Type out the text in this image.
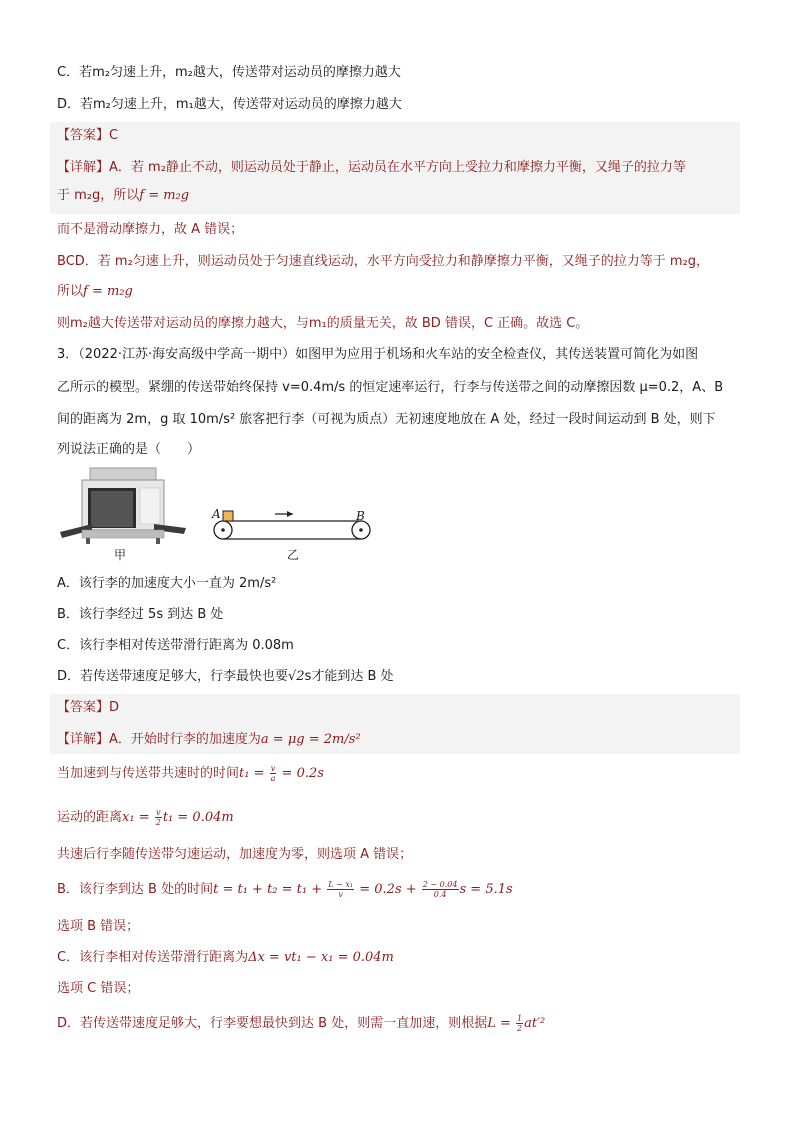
C．若m₂匀速上升，m₂越大，传送带对运动员的摩擦力越大
D．若m₂匀速上升，m₁越大，传送带对运动员的摩擦力越大
【答案】C
【详解】A．若 m₂静止不动，则运动员处于静止，运动员在水平方向上受拉力和摩擦力平衡，又绳子的拉力等
于 m₂g，所以f = m₂g
而不是滑动摩擦力，故 A 错误；
BCD．若 m₂匀速上升，则运动员处于匀速直线运动，水平方向受拉力和静摩擦力平衡，又绳子的拉力等于 m₂g，
所以f = m₂g
则m₂越大传送带对运动员的摩擦力越大，与m₁的质量无关，故 BD 错误，C 正确。故选 C。
3．（2022·江苏·海安高级中学高一期中）如图甲为应用于机场和火车站的安全检查仪，其传送装置可简化为如图
乙所示的模型。紧绷的传送带始终保持 v=0.4m/s 的恒定速率运行，行李与传送带之间的动摩擦因数 μ=0.2，A、B
间的距离为 2m，g 取 10m/s² 旅客把行李（可视为质点）无初速度地放在 A 处，经过一段时间运动到 B 处，则下
列说法正确的是（　　）
甲
A	B
乙
A．该行李的加速度大小一直为 2m/s²
B．该行李经过 5s 到达 B 处
C．该行李相对传送带滑行距离为 0.08m
D．若传送带速度足够大，行李最快也要√2s才能到达 B 处
【答案】D
【详解】A．开始时行李的加速度为a = μg = 2m/s²
当加速到与传送带共速时的时间$t_1 = \frac{v}{a} = 0.2s$
运动的距离$x_1 = \frac{v}{2} t_1 = 0.04m$
共速后行李随传送带匀速运动，加速度为零，则选项 A 错误；
B．该行李到达 B 处的时间$t = t_1 + t_2 = t_1 + \frac{\text{L − x₁}}{v} = 0.2s + \frac{2 - 0.04}{0.4}$ s = 5.1s
选项 B 错误；
C．该行李相对传送带滑行距离为Δx = vt₁ − x₁ = 0.04m
选项 C 错误；
D．若传送带速度足够大，行李要想最快到达 B 处，则需一直加速，则根据$L = \frac{1}{2} at'^2$
